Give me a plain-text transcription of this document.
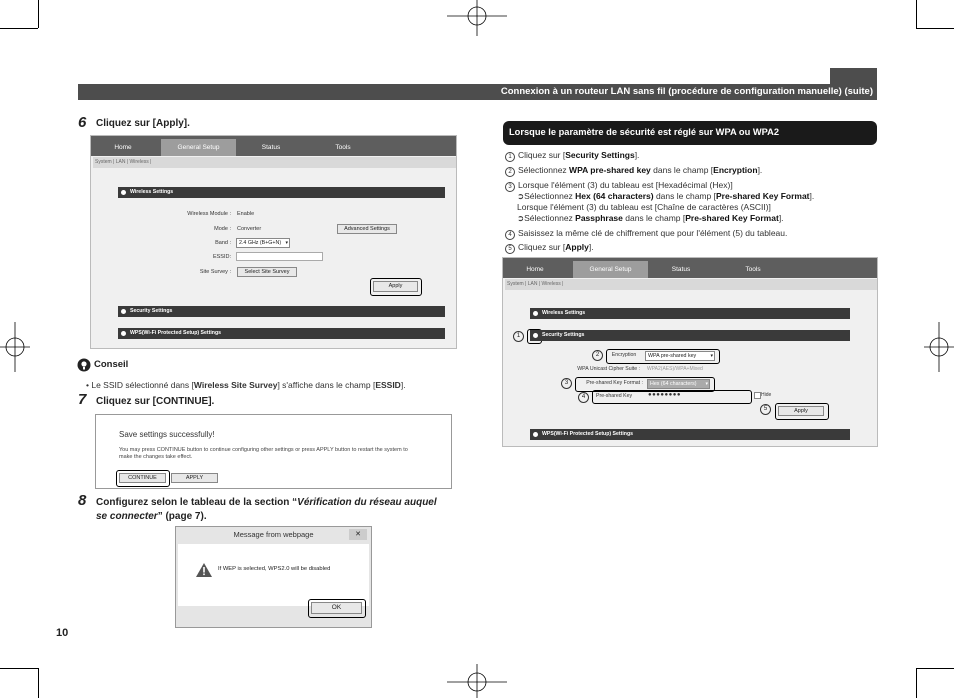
Connexion à un routeur LAN sans fil (procédure de configuration manuelle) (suite)
6 Cliquez sur [Apply].
Home	General Setup	Status	Tools
System | LAN | Wireless |
Wireless Settings
Wireless Module : Enable
Mode : Converter	Advanced Settings
Band :	2.4 GHz (B+G+N) ▾
ESSID:
Site Survey :	Select Site Survey
Apply
Security Settings
WPS(Wi-Fi Protected Setup) Settings
Conseil
• Le SSID sélectionné dans [Wireless Site Survey] s'affiche dans le champ [ESSID].
7 Cliquez sur [CONTINUE].
Save settings successfully!
You may press CONTINUE button to continue configuring other settings or press APPLY button to restart the system to make the changes take effect.
CONTINUE	APPLY
8 Configurez selon le tableau de la section “Vérification du réseau auquel
se connecter” (page 7).
Message from webpage	✕
If WEP is selected, WPS2.0 will be disabled
OK
10
Lorsque le paramètre de sécurité est réglé sur WPA ou WPA2
1 Cliquez sur [Security Settings].
2 Sélectionnez WPA pre-shared key dans le champ [Encryption].
3 Lorsque l'élément (3) du tableau est [Hexadécimal (Hex)]
➲Sélectionnez Hex (64 characters) dans le champ [Pre-shared Key Format].
Lorsque l'élément (3) du tableau est [Chaîne de caractères (ASCII)]
➲Sélectionnez Passphrase dans le champ [Pre-shared Key Format].
4 Saisissez la même clé de chiffrement que pour l'élément (5) du tableau.
5 Cliquez sur [Apply].
Home	General Setup	Status	Tools
System | LAN | Wireless |
Wireless Settings
1	Security Settings
2	Encryption	WPA pre-shared key ▾
WPA Unicast Cipher Suite : WPA2(AES)/WPA+Mixed
3	Pre-shared Key Format :	Hex (64 characters) ▾
4	Pre-shared Key	●●●●●●●●	Hide
5	Apply
WPS(Wi-Fi Protected Setup) Settings
